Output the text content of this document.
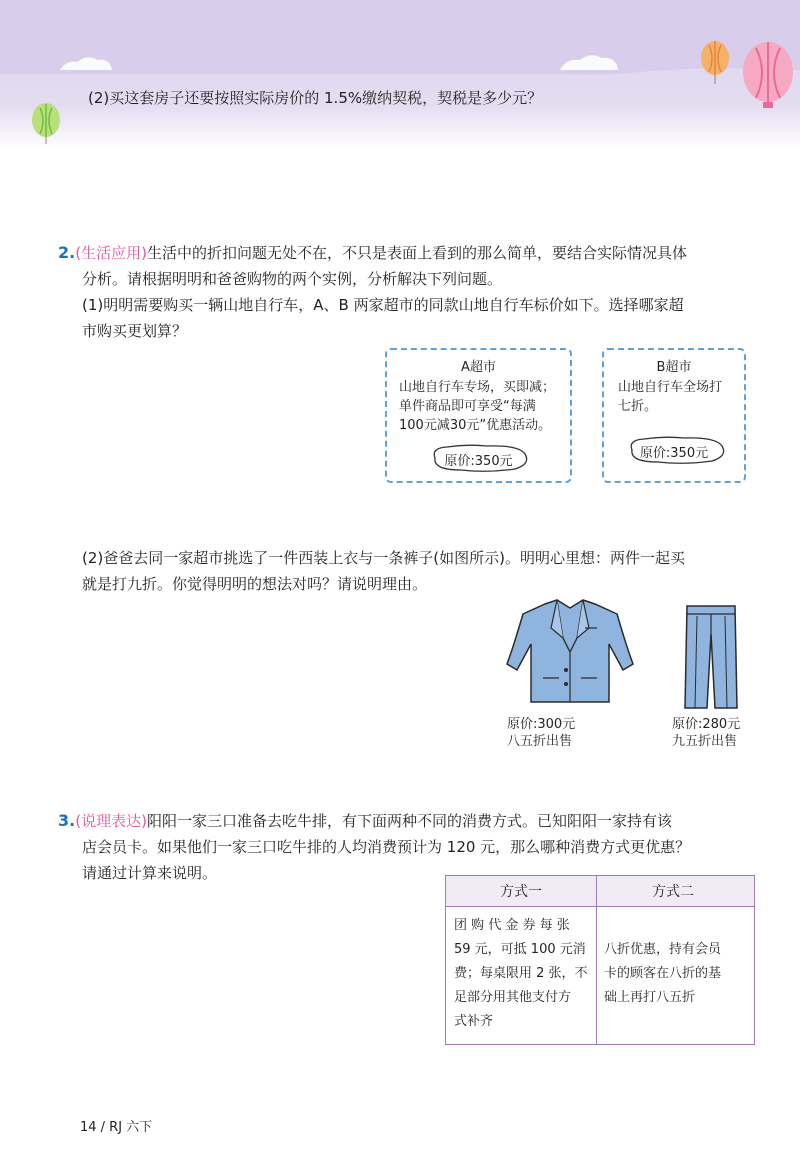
(2)买这套房子还要按照实际房价的 1.5%缴纳契税，契税是多少元？
2.(生活应用)生活中的折扣问题无处不在，不只是表面上看到的那么简单，要结合实际情况具体
分析。请根据明明和爸爸购物的两个实例，分析解决下列问题。
(1)明明需要购买一辆山地自行车，A、B 两家超市的同款山地自行车标价如下。选择哪家超
市购买更划算？
A超市
山地自行车专场，买即减；
单件商品即可享受“每满
100元减30元”优惠活动。
原价:350元
B超市
山地自行车全场打
七折。
原价:350元
(2)爸爸去同一家超市挑选了一件西装上衣与一条裤子(如图所示)。明明心里想：两件一起买
就是打九折。你觉得明明的想法对吗？请说明理由。
原价:300元
八五折出售
原价:280元
九五折出售
3.(说理表达)阳阳一家三口准备去吃牛排，有下面两种不同的消费方式。已知阳阳一家持有该
店会员卡。如果他们一家三口吃牛排的人均消费预计为 120 元，那么哪种消费方式更优惠？
请通过计算来说明。
方式一	方式二
团 购 代 金 券 每 张
59 元，可抵 100 元消
费；每桌限用 2 张，不
足部分用其他支付方
式补齐
八折优惠，持有会员
卡的顾客在八折的基
础上再打八五折
14 / RJ 六下
